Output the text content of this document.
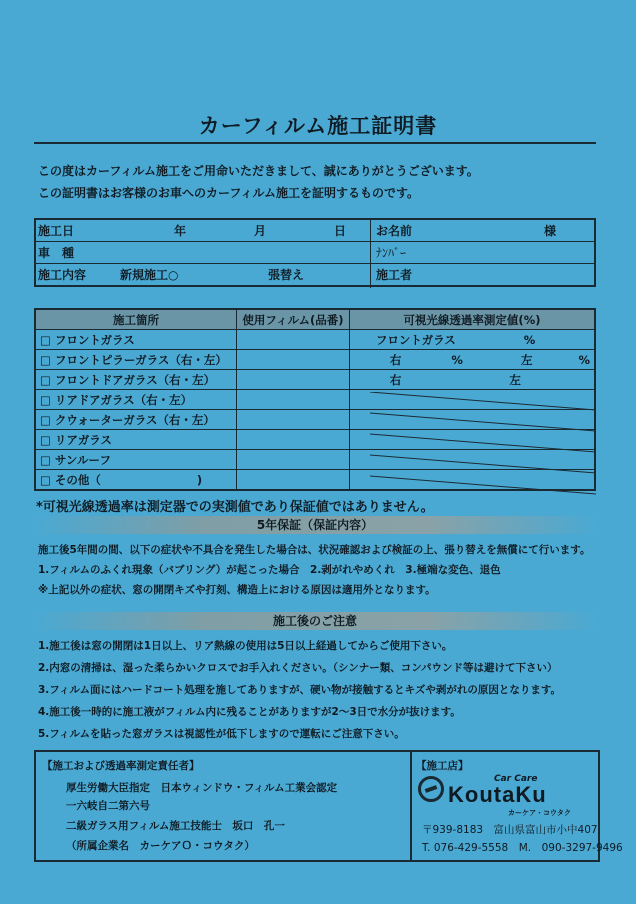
カーフィルム施工証明書
この度はカーフィルム施工をご用命いただきまして、誠にありがとうございます。
この証明書はお客様のお車へのカーフィルム施工を証明するものです。
施工日	年	月	日 お名前	様

車　種	ﾅﾝﾊﾞｰ

施工内容	新規施工○	張替え	施工者
施工箇所	使用フィルム(品番)	可視光線透過率測定値(%)
□ フロントガラス		フロントガラス %
□ フロントピラーガラス（右・左）		右 % 左 %
□ フロントドアガラス（右・左）		右 左
□ リアドアガラス（右・左）		
□ クウォーターガラス（右・左）		
□ リアガラス		
□ サンルーフ		
□ その他（ )		
*可視光線透過率は測定器での実測値であり保証値ではありません。
5年保証（保証内容）
施工後5年間の間、以下の症状や不具合を発生した場合は、状況確認および検証の上、張り替えを無償にて行います。
1.フィルムのふくれ現象（バブリング）が起こった場合　2.剥がれやめくれ　3.極端な変色、退色
※上記以外の症状、窓の開閉キズや打刻、構造上における原因は適用外となります。
施工後のご注意
1.施工後は窓の開閉は1日以上、リア熱線の使用は5日以上経過してからご使用下さい。
2.内窓の清掃は、湿った柔らかいクロスでお手入れください。（シンナー類、コンパウンド等は避けて下さい）
3.フィルム面にはハードコート処理を施してありますが、硬い物が接触するとキズや剥がれの原因となります。
4.施工後一時的に施工液がフィルム内に残ることがありますが2～3日で水分が抜けます。
5.フィルムを貼った窓ガラスは視認性が低下しますので運転にご注意下さい。
【施工および透過率測定責任者】
厚生労働大臣指定　日本ウィンドウ・フィルム工業会認定
一六岐自二第六号
二級ガラス用フィルム施工技能士　坂口　孔一
（所属企業名　カーケアＯ・コウタク）
【施工店】
Car Care
KoutaKu
カーケア・コウタク
〒939-8183　富山県富山市小中407
T. 076-429-5558　M.　090-3297-9496
